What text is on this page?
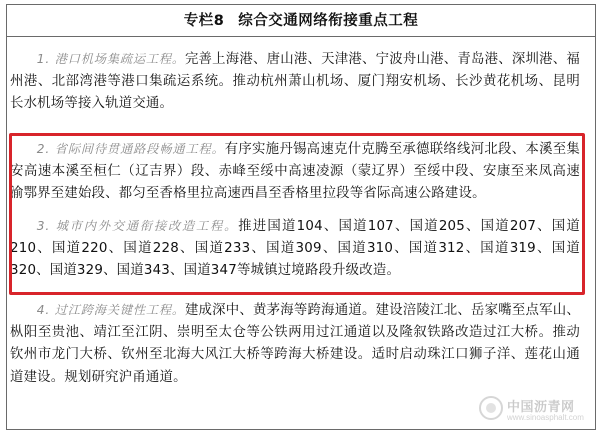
专栏8 综合交通网络衔接重点工程
1. 港口机场集疏运工程。完善上海港、唐山港、天津港、宁波舟山港、青岛港、深圳港、福州港、北部湾港等港口集疏运系统。推动杭州萧山机场、厦门翔安机场、长沙黄花机场、昆明长水机场等接入轨道交通。
2. 省际间待贯通路段畅通工程。有序实施丹锡高速克什克腾至承德联络线河北段、本溪至集安高速本溪至桓仁（辽吉界）段、赤峰至绥中高速凌源（蒙辽界）至绥中段、安康至来凤高速渝鄂界至建始段、都匀至香格里拉高速西昌至香格里拉段等省际高速公路建设。
3. 城市内外交通衔接改造工程。推进国道104、国道107、国道205、国道207、国道210、国道220、国道228、国道233、国道309、国道310、国道312、国道319、国道320、国道329、国道343、国道347等城镇过境路段升级改造。
4. 过江跨海关键性工程。建成深中、黄茅海等跨海通道。建设涪陵江北、岳家嘴至点军山、枞阳至贵池、靖江至江阴、崇明至太仓等公铁两用过江通道以及隆叙铁路改造过江大桥。推动钦州市龙门大桥、钦州至北海大风江大桥等跨海大桥建设。适时启动珠江口狮子洋、莲花山通道建设。规划研究沪甬通道。
中国沥青网
www.sinoasphalt.com
